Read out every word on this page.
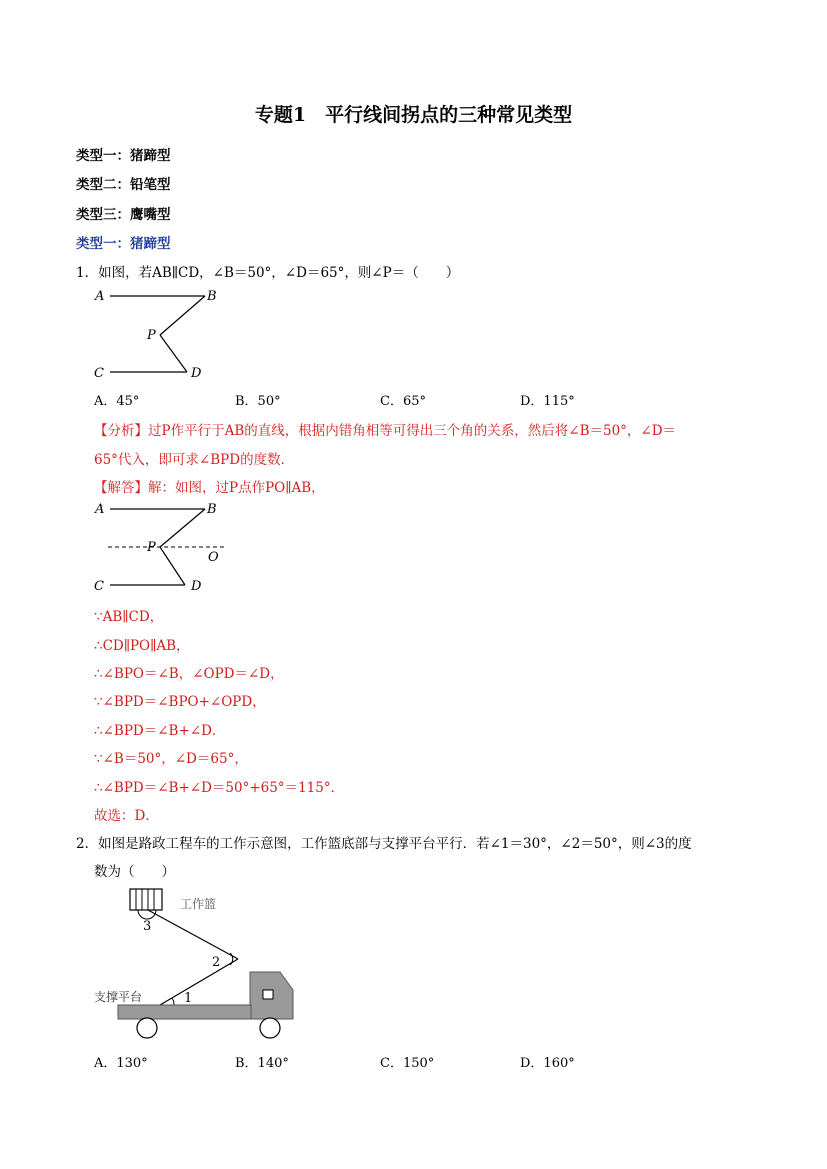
专题1　平行线间拐点的三种常见类型
类型一：猪蹄型
类型二：铅笔型
类型三：鹰嘴型
类型一：猪蹄型
1．如图，若AB∥CD，∠B＝50°，∠D＝65°，则∠P＝（　　）
A	B
P
C	D
A．45°	B．50°	C．65°	D．115°
【分析】过P作平行于AB的直线，根据内错角相等可得出三个角的关系，然后将∠B＝50°，∠D＝
65°代入，即可求∠BPD的度数．
【解答】解：如图，过P点作PO∥AB，
A	B
P
O
C	D
∵AB∥CD，
∴CD∥PO∥AB，
∴∠BPO＝∠B，∠OPD＝∠D，
∵∠BPD＝∠BPO+∠OPD，
∴∠BPD＝∠B+∠D．
∵∠B＝50°，∠D＝65°，
∴∠BPD＝∠B+∠D＝50°+65°＝115°．
故选：D．
2．如图是路政工程车的工作示意图，工作篮底部与支撑平台平行．若∠1＝30°，∠2＝50°，则∠3的度
数为（　　）
工作篮
支撑平台	1
2
3
A．130°	B．140°	C．150°	D．160°
